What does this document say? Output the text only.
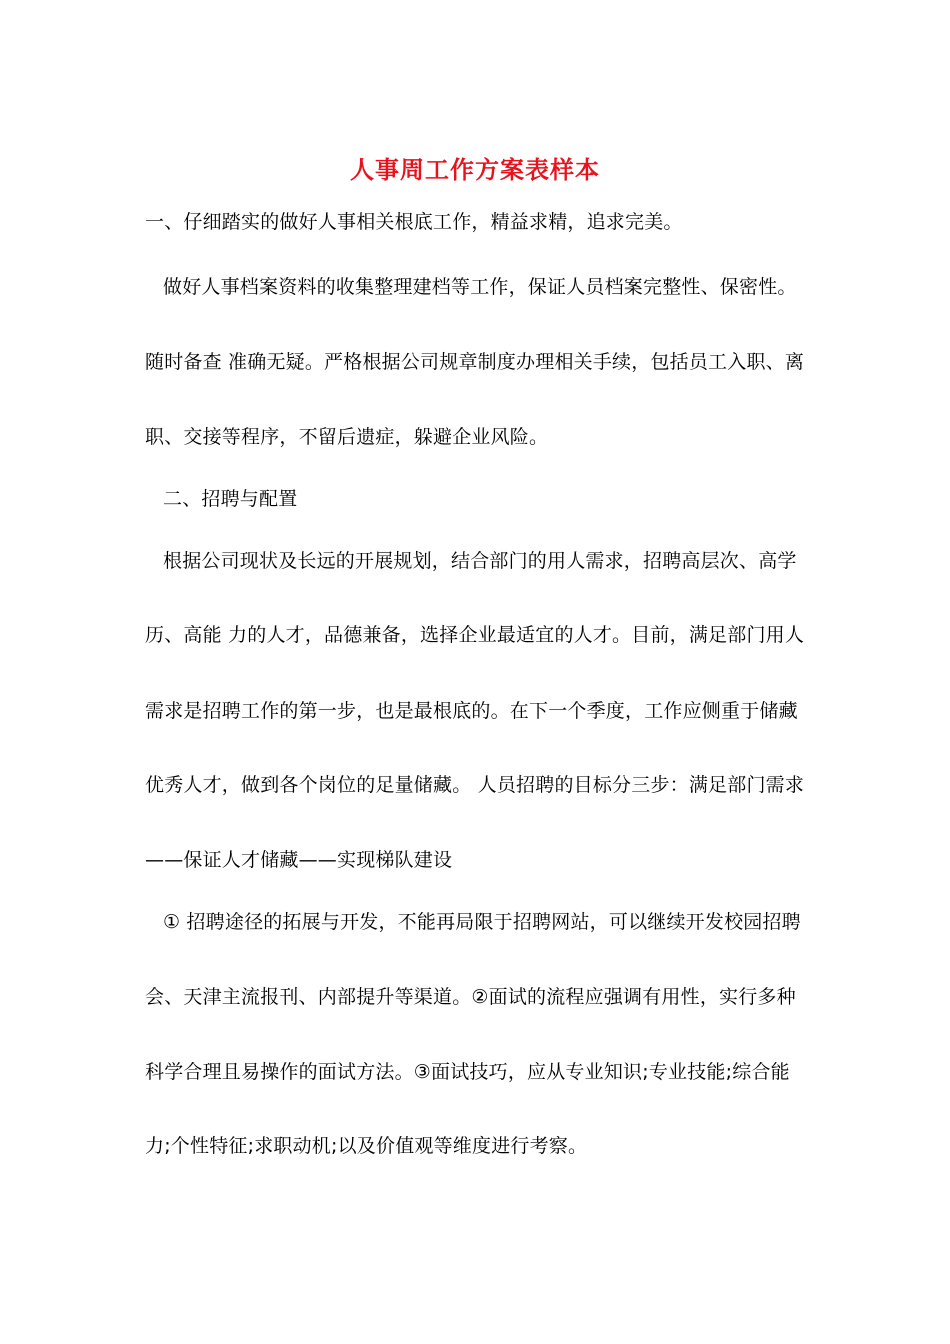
人事周工作方案表样本
一、仔细踏实的做好人事相关根底工作，精益求精，追求完美。
做好人事档案资料的收集整理建档等工作，保证人员档案完整性、保密性。
随时备查 准确无疑。严格根据公司规章制度办理相关手续，包括员工入职、离
职、交接等程序，不留后遗症，躲避企业风险。
二、招聘与配置
根据公司现状及长远的开展规划，结合部门的用人需求，招聘高层次、高学
历、高能 力的人才，品德兼备，选择企业最适宜的人才。目前，满足部门用人
需求是招聘工作的第一步，也是最根底的。在下一个季度，工作应侧重于储藏
优秀人才，做到各个岗位的足量储藏。 人员招聘的目标分三步：满足部门需求
——保证人才储藏——实现梯队建设
① 招聘途径的拓展与开发，不能再局限于招聘网站，可以继续开发校园招聘
会、天津主流报刊、内部提升等渠道。②面试的流程应强调有用性，实行多种
科学合理且易操作的面试方法。③面试技巧，应从专业知识;专业技能;综合能
力;个性特征;求职动机;以及价值观等维度进行考察。
